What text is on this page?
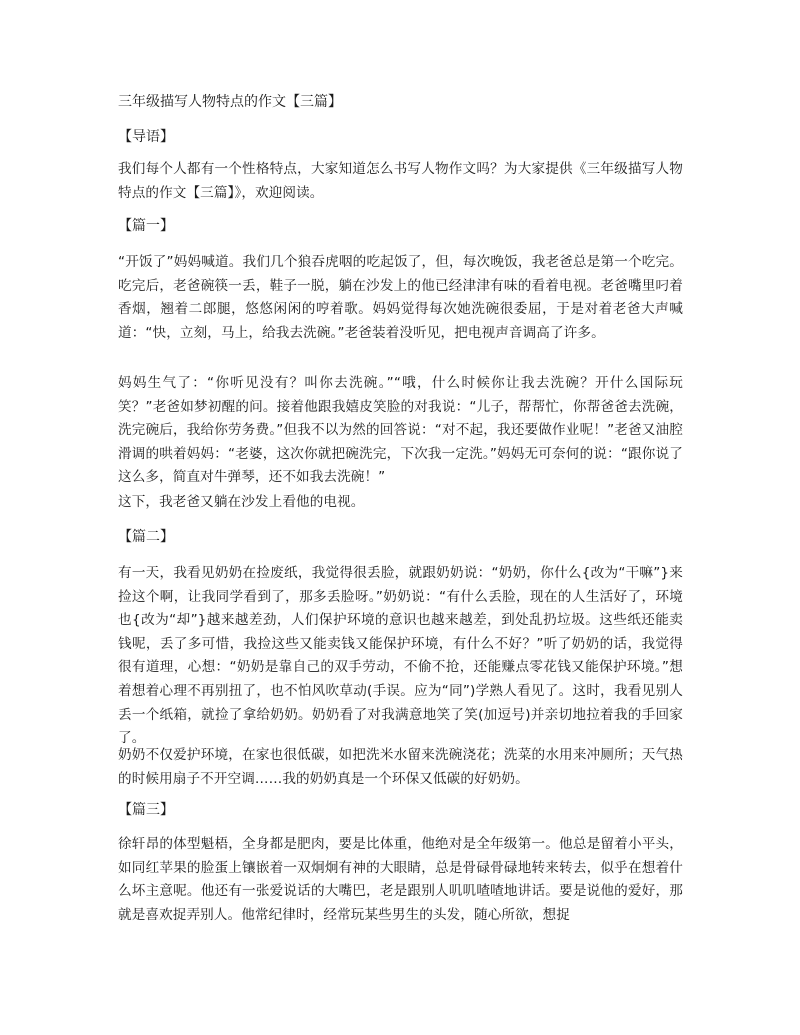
三年级描写人物特点的作文【三篇】

【导语】

我们每个人都有一个性格特点，大家知道怎么书写人物作文吗？为大家提供《三年级描写人物特点的作文【三篇】》，欢迎阅读。

【篇一】

“开饭了”妈妈喊道。我们几个狼吞虎咽的吃起饭了，但，每次晚饭，我老爸总是第一个吃完。吃完后，老爸碗筷一丢，鞋子一脱，躺在沙发上的他已经津津有味的看着电视。老爸嘴里叼着香烟，翘着二郎腿，悠悠闲闲的哼着歌。妈妈觉得每次她洗碗很委屈，于是对着老爸大声喊道：“快，立刻，马上，给我去洗碗。”老爸装着没听见，把电视声音调高了许多。

妈妈生气了：“你听见没有？叫你去洗碗。”“哦，什么时候你让我去洗碗？开什么国际玩笑？”老爸如梦初醒的问。接着他跟我嬉皮笑脸的对我说：“儿子，帮帮忙，你帮爸爸去洗碗，洗完碗后，我给你劳务费。”但我不以为然的回答说：“对不起，我还要做作业呢！”老爸又油腔滑调的哄着妈妈：“老婆，这次你就把碗洗完，下次我一定洗。”妈妈无可奈何的说：“跟你说了这么多，简直对牛弹琴，还不如我去洗碗！”

这下，我老爸又躺在沙发上看他的电视。

【篇二】

有一天，我看见奶奶在捡废纸，我觉得很丢脸，就跟奶奶说：“奶奶，你什么{改为“干嘛”}来捡这个啊，让我同学看到了，那多丢脸呀。”奶奶说：“有什么丢脸，现在的人生活好了，环境也{改为“却”}越来越差劲，人们保护环境的意识也越来越差，到处乱扔垃圾。这些纸还能卖钱呢，丢了多可惜，我捡这些又能卖钱又能保护环境，有什么不好？”听了奶奶的话，我觉得很有道理，心想：“奶奶是靠自己的双手劳动，不偷不抢，还能赚点零花钱又能保护环境。”想着想着心理不再别扭了，也不怕风吹草动(手误。应为“同”)学熟人看见了。这时，我看见别人丢一个纸箱，就捡了拿给奶奶。奶奶看了对我满意地笑了笑(加逗号)并亲切地拉着我的手回家了。

奶奶不仅爱护环境，在家也很低碳，如把洗米水留来洗碗浇花；洗菜的水用来冲厕所；天气热的时候用扇子不开空调……我的奶奶真是一个环保又低碳的好奶奶。

【篇三】

徐轩昂的体型魁梧，全身都是肥肉，要是比体重，他绝对是全年级第一。他总是留着小平头，如同红苹果的脸蛋上镶嵌着一双炯炯有神的大眼睛，总是骨碌骨碌地转来转去，似乎在想着什么坏主意呢。他还有一张爱说话的大嘴巴，老是跟别人叽叽喳喳地讲话。要是说他的爱好，那就是喜欢捉弄别人。他常纪律时，经常玩某些男生的头发，随心所欲，想捉
